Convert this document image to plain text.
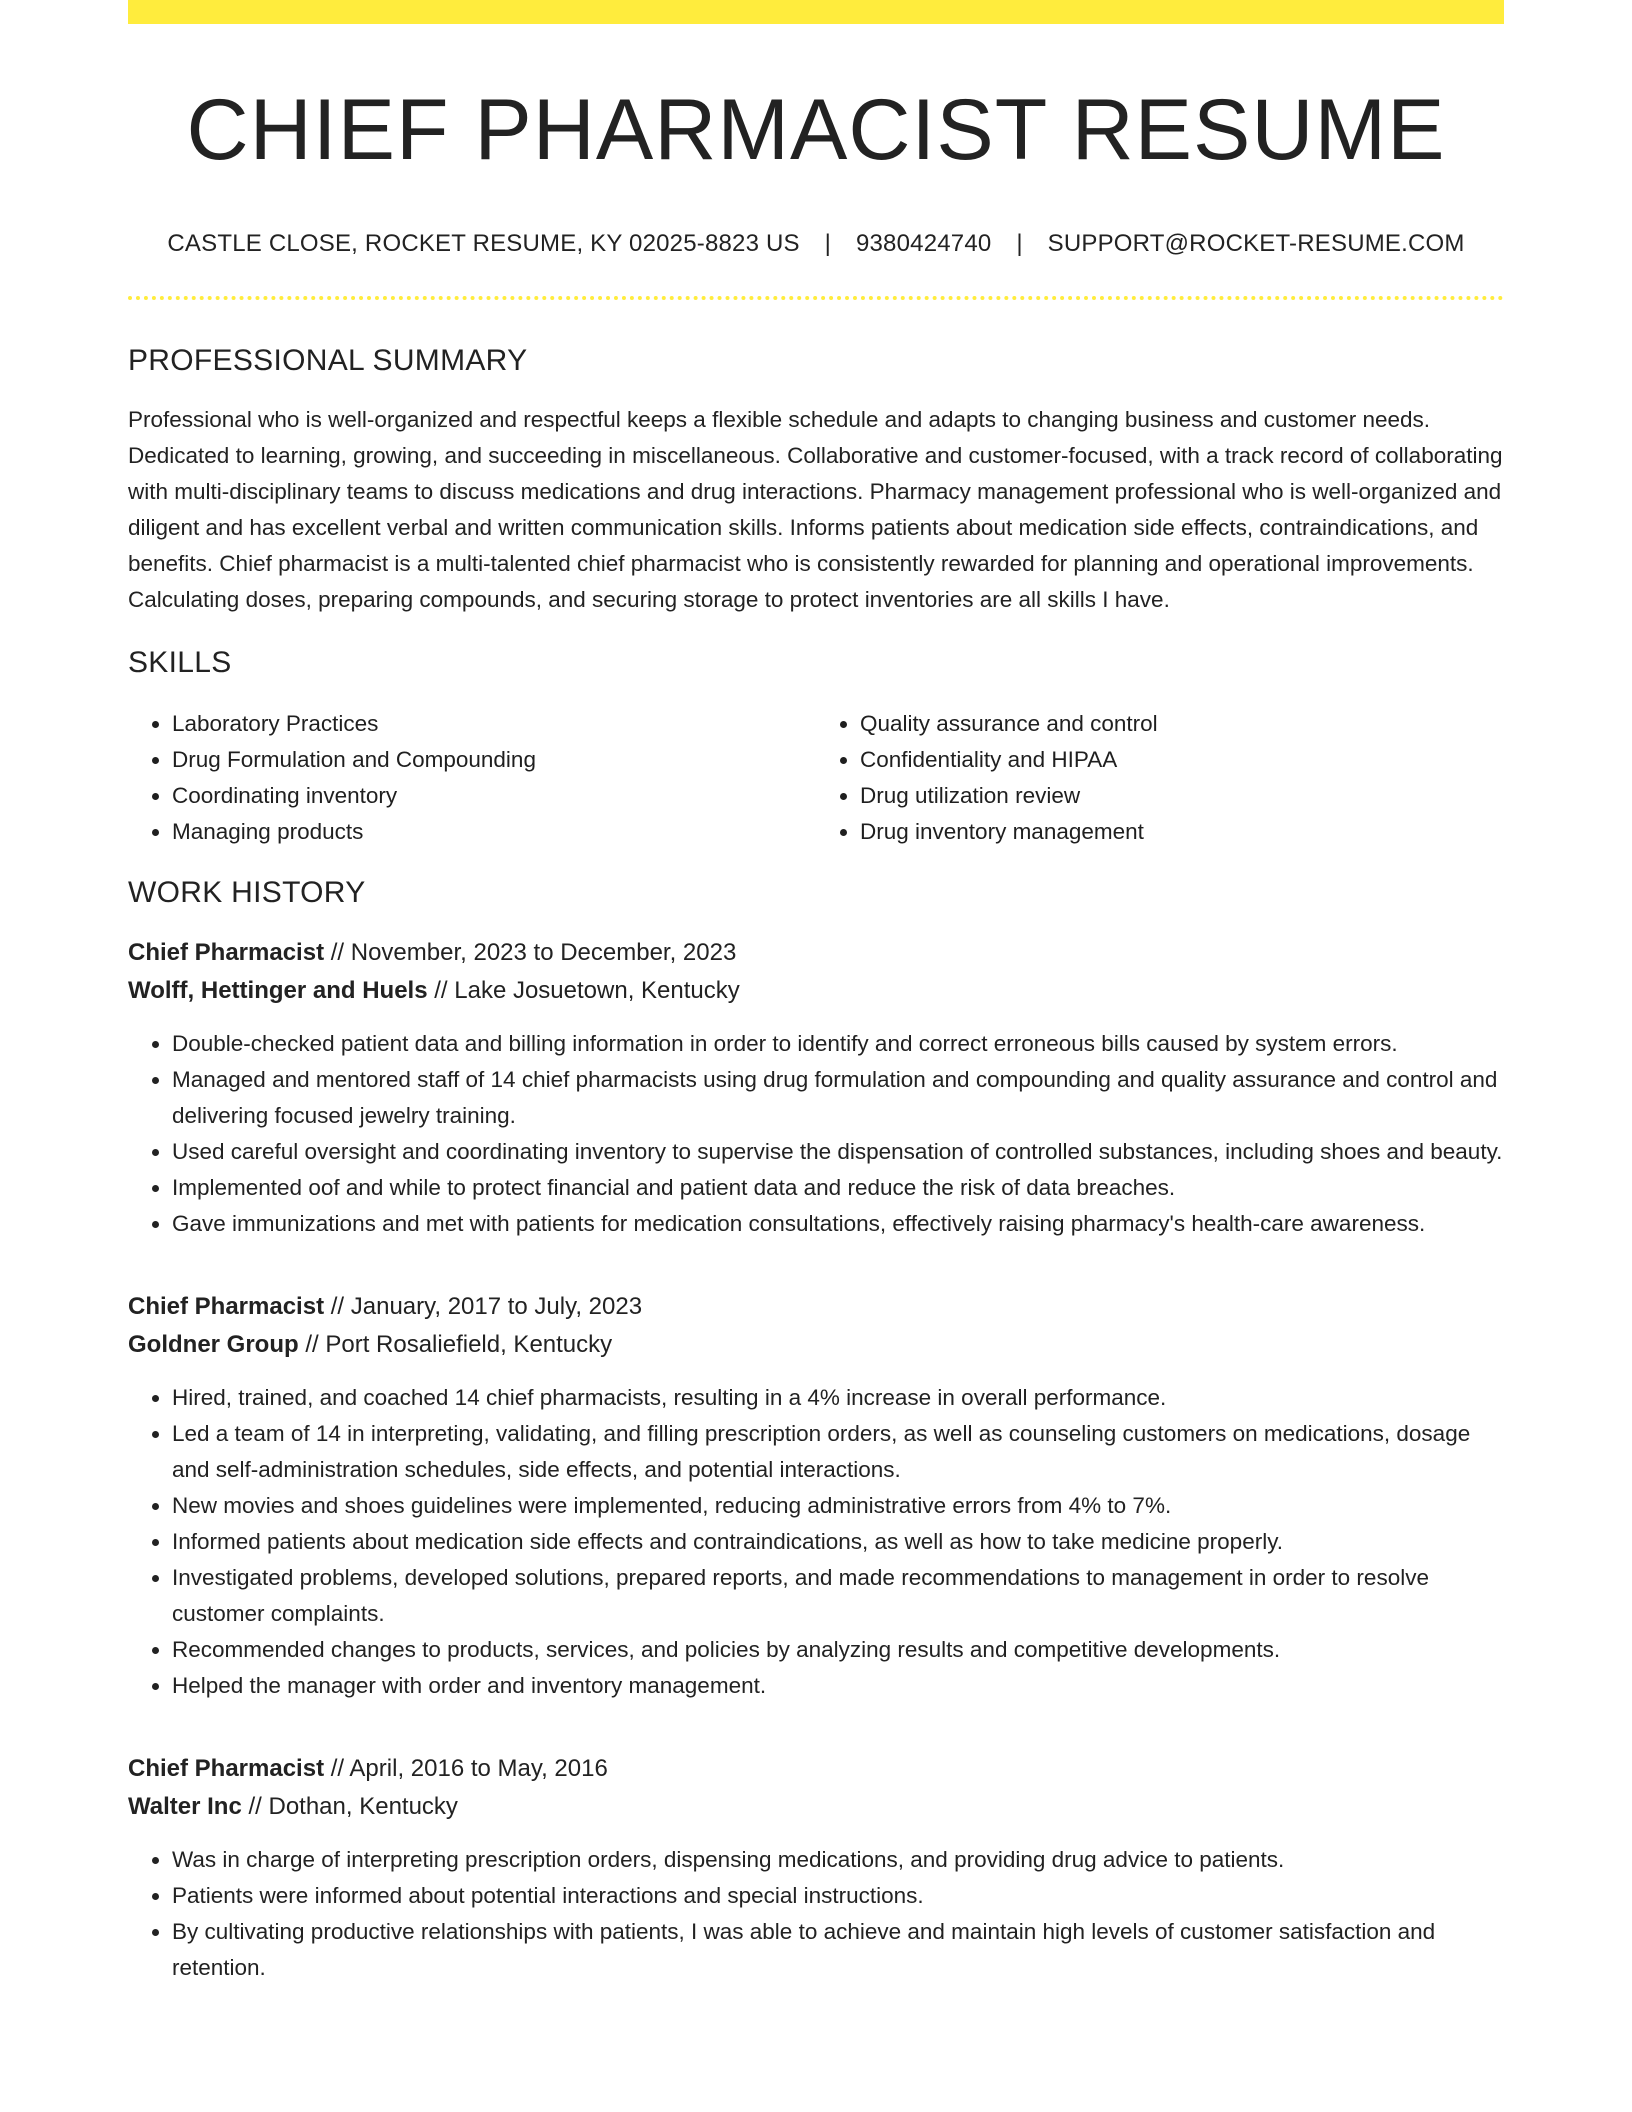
CHIEF PHARMACIST RESUME
CASTLE CLOSE, ROCKET RESUME, KY 02025-8823 US | 9380424740 | SUPPORT@ROCKET-RESUME.COM
PROFESSIONAL SUMMARY

Professional who is well-organized and respectful keeps a flexible schedule and adapts to changing business and customer needs. Dedicated to learning, growing, and succeeding in miscellaneous. Collaborative and customer-focused, with a track record of collaborating with multi-disciplinary teams to discuss medications and drug interactions. Pharmacy management professional who is well-organized and diligent and has excellent verbal and written communication skills. Informs patients about medication side effects, contraindications, and benefits. Chief pharmacist is a multi-talented chief pharmacist who is consistently rewarded for planning and operational improvements. Calculating doses, preparing compounds, and securing storage to protect inventories are all skills I have.

SKILLS
• Laboratory Practices
• Drug Formulation and Compounding
• Coordinating inventory
• Managing products
• Quality assurance and control
• Confidentiality and HIPAA
• Drug utilization review
• Drug inventory management
WORK HISTORY
Chief Pharmacist // November, 2023 to December, 2023
Wolff, Hettinger and Huels // Lake Josuetown, Kentucky
• Double-checked patient data and billing information in order to identify and correct erroneous bills caused by system errors.
• Managed and mentored staff of 14 chief pharmacists using drug formulation and compounding and quality assurance and control and delivering focused jewelry training.
• Used careful oversight and coordinating inventory to supervise the dispensation of controlled substances, including shoes and beauty.
• Implemented oof and while to protect financial and patient data and reduce the risk of data breaches.
• Gave immunizations and met with patients for medication consultations, effectively raising pharmacy's health-care awareness.
Chief Pharmacist // January, 2017 to July, 2023
Goldner Group // Port Rosaliefield, Kentucky
• Hired, trained, and coached 14 chief pharmacists, resulting in a 4% increase in overall performance.
• Led a team of 14 in interpreting, validating, and filling prescription orders, as well as counseling customers on medications, dosage and self-administration schedules, side effects, and potential interactions.
• New movies and shoes guidelines were implemented, reducing administrative errors from 4% to 7%.
• Informed patients about medication side effects and contraindications, as well as how to take medicine properly.
• Investigated problems, developed solutions, prepared reports, and made recommendations to management in order to resolve customer complaints.
• Recommended changes to products, services, and policies by analyzing results and competitive developments.
• Helped the manager with order and inventory management.
Chief Pharmacist // April, 2016 to May, 2016
Walter Inc // Dothan, Kentucky
• Was in charge of interpreting prescription orders, dispensing medications, and providing drug advice to patients.
• Patients were informed about potential interactions and special instructions.
• By cultivating productive relationships with patients, I was able to achieve and maintain high levels of customer satisfaction and retention.
